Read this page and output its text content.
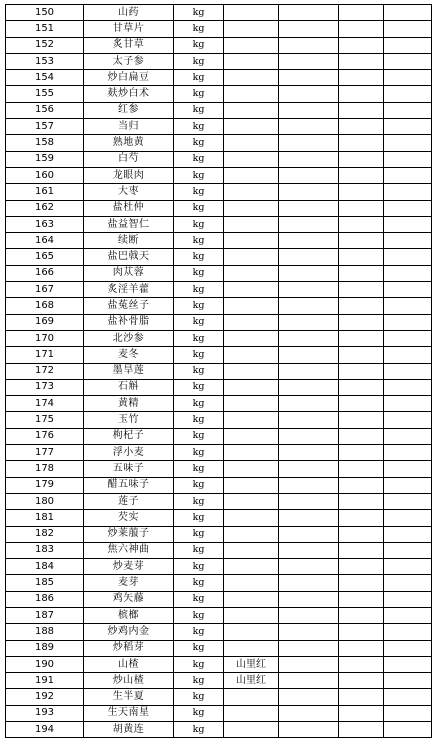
150	山药	kg				
151	甘草片	kg				
152	炙甘草	kg				
153	太子参	kg				
154	炒白扁豆	kg				
155	麸炒白术	kg				
156	红参	kg				
157	当归	kg				
158	熟地黄	kg				
159	白芍	kg				
160	龙眼肉	kg				
161	大枣	kg				
162	盐杜仲	kg				
163	盐益智仁	kg				
164	续断	kg				
165	盐巴戟天	kg				
166	肉苁蓉	kg				
167	炙淫羊藿	kg				
168	盐菟丝子	kg				
169	盐补骨脂	kg				
170	北沙参	kg				
171	麦冬	kg				
172	墨旱莲	kg				
173	石斛	kg				
174	黄精	kg				
175	玉竹	kg				
176	枸杞子	kg				
177	浮小麦	kg				
178	五味子	kg				
179	醋五味子	kg				
180	莲子	kg				
181	芡实	kg				
182	炒莱菔子	kg				
183	焦六神曲	kg				
184	炒麦芽	kg				
185	麦芽	kg				
186	鸡矢藤	kg				
187	槟榔	kg				
188	炒鸡内金	kg				
189	炒稻芽	kg				
190	山楂	kg	山里红			
191	炒山楂	kg	山里红			
192	生半夏	kg				
193	生天南星	kg				
194	胡黄连	kg				
